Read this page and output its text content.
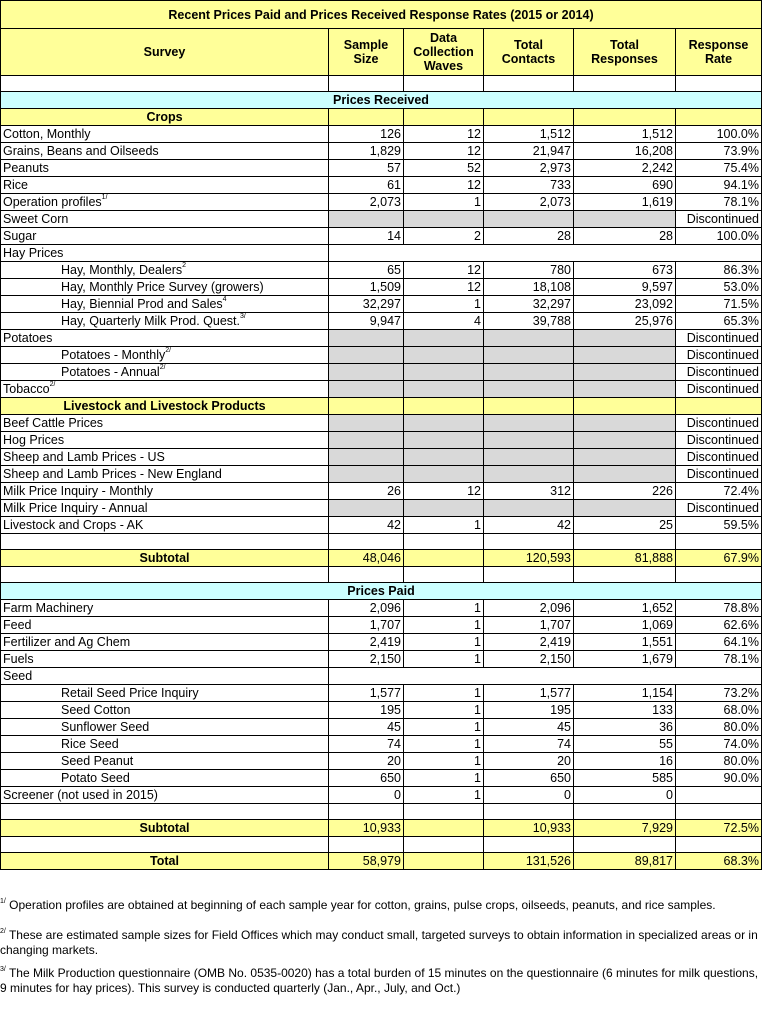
Recent Prices Paid and Prices Received Response Rates (2015 or 2014)					
Survey	Sample Size	Data Collection Waves	Total Contacts	Total Responses	Response Rate

Prices Received					
Crops					
Cotton, Monthly	126	12	1,512	1,512	100.0%
Grains, Beans and Oilseeds	1,829	12	21,947	16,208	73.9%
Peanuts	57	52	2,973	2,242	75.4%
Rice	61	12	733	690	94.1%
Operation profiles$^{1/}$	2,073	1	2,073	1,619	78.1%
Sweet Corn					Discontinued
Sugar	14	2	28	28	100.0%
Hay Prices					
Hay, Monthly, Dealers$^2$	65	12	780	673	86.3%
Hay, Monthly Price Survey (growers)	1,509	12	18,108	9,597	53.0%
Hay, Biennial Prod and Sales$^4$	32,297	1	32,297	23,092	71.5%
Hay, Quarterly Milk Prod. Quest.$^{3/}$	9,947	4	39,788	25,976	65.3%
Potatoes					Discontinued
Potatoes - Monthly$^{2/}$					Discontinued
Potatoes - Annual$^{2/}$					Discontinued
Tobacco$^{2/}$					Discontinued
Livestock and Livestock Products					
Beef Cattle Prices					Discontinued
Hog Prices					Discontinued
Sheep and Lamb Prices - US					Discontinued
Sheep and Lamb Prices - New England					Discontinued
Milk Price Inquiry - Monthly	26	12	312	226	72.4%
Milk Price Inquiry - Annual					Discontinued
Livestock and Crops - AK	42	1	42	25	59.5%

Subtotal	48,046		120,593	81,888	67.9%

Prices Paid					
Farm Machinery	2,096	1	2,096	1,652	78.8%
Feed	1,707	1	1,707	1,069	62.6%
Fertilizer and Ag Chem	2,419	1	2,419	1,551	64.1%
Fuels	2,150	1	2,150	1,679	78.1%
Seed					
Retail Seed Price Inquiry	1,577	1	1,577	1,154	73.2%
Seed Cotton	195	1	195	133	68.0%
Sunflower Seed	45	1	45	36	80.0%
Rice Seed	74	1	74	55	74.0%
Seed Peanut	20	1	20	16	80.0%
Potato Seed	650	1	650	585	90.0%
Screener (not used in 2015)	0	1	0	0	

Subtotal	10,933		10,933	7,929	72.5%

Total	58,979		131,526	89,817	68.3%
$^{1/}$ Operation profiles are obtained at beginning of each sample year for cotton, grains, pulse crops, oilseeds, peanuts, and rice samples.
$^{2/}$ These are estimated sample sizes for Field Offices which may conduct small, targeted surveys to obtain information in specialized areas or in changing markets.
$^{3/}$ The Milk Production questionnaire (OMB No. 0535-0020) has a total burden of 15 minutes on the questionnaire (6 minutes for milk questions, 9 minutes for hay prices). This survey is conducted quarterly (Jan., Apr., July, and Oct.)
